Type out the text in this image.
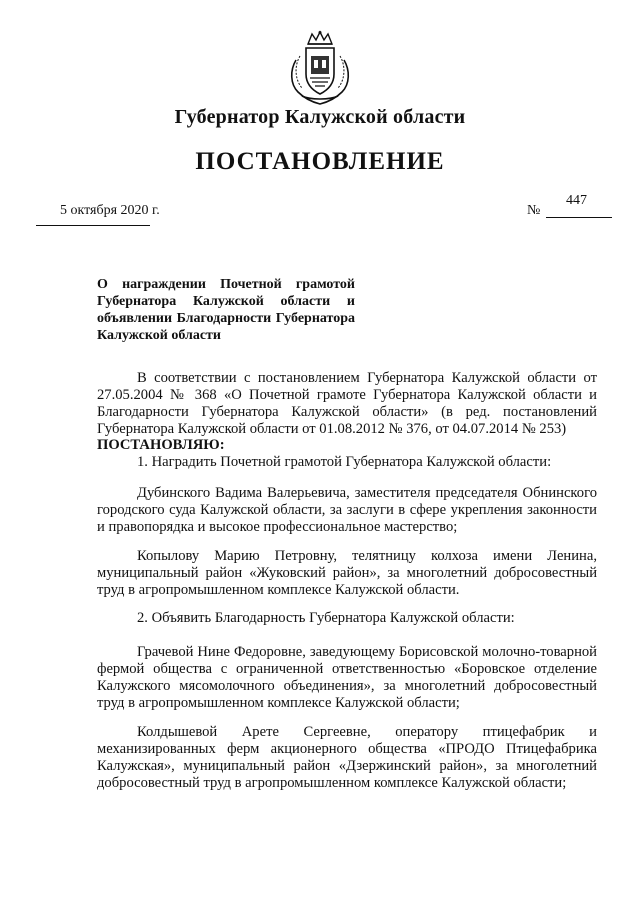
Губернатор Калужской области
ПОСТАНОВЛЕНИЕ
5 октября 2020 г.	№
447
О награждении Почетной грамотой Губернатора Калужской области и объявлении Благодарности Губернатора Калужской области
В соответствии с постановлением Губернатора Калужской области от 27.05.2004 № 368 «О Почетной грамоте Губернатора Калужской области и Благодарности Губернатора Калужской области» (в ред. постановлений Губернатора Калужской области от 01.08.2012 № 376, от 04.07.2014 № 253)
ПОСТАНОВЛЯЮ:
1. Наградить Почетной грамотой Губернатора Калужской области:
Дубинского Вадима Валерьевича, заместителя председателя Обнинского городского суда Калужской области, за заслуги в сфере укрепления законности и правопорядка и высокое профессиональное мастерство;
Копылову Марию Петровну, телятницу колхоза имени Ленина, муниципальный район «Жуковский район», за многолетний добросовестный труд в агропромышленном комплексе Калужской области.
2. Объявить Благодарность Губернатора Калужской области:
Грачевой Нине Федоровне, заведующему Борисовской молочно-товарной фермой общества с ограниченной ответственностью «Боровское отделение Калужского мясомолочного объединения», за многолетний добросовестный труд в агропромышленном комплексе Калужской области;
Колдышевой Арете Сергеевне, оператору птицефабрик и механизированных ферм акционерного общества «ПРОДО Птицефабрика Калужская», муниципальный район «Дзержинский район», за многолетний добросовестный труд в агропромышленном комплексе Калужской области;
